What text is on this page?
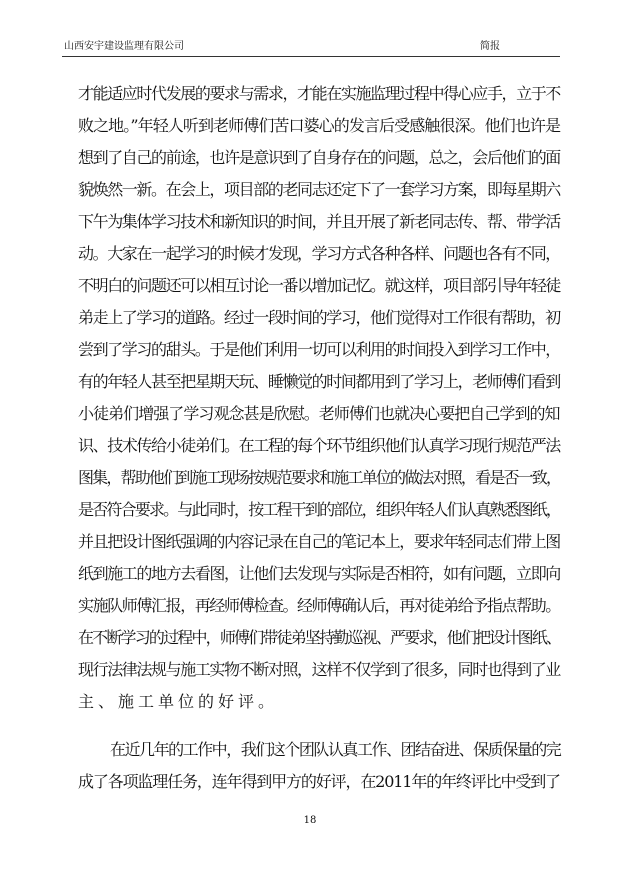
山西安宇建设监理有限公司	简报
才能适应时代发展的要求与需求，才能在实施监理过程中得心应手，立于不
败之地。”年轻人听到老师傅们苦口婆心的发言后受感触很深。他们也许是
想到了自己的前途，也许是意识到了自身存在的问题，总之，会后他们的面
貌焕然一新。在会上，项目部的老同志还定下了一套学习方案，即每星期六
下午为集体学习技术和新知识的时间，并且开展了新老同志传、帮、带学活
动。大家在一起学习的时候才发现，学习方式各种各样、问题也各有不同，
不明白的问题还可以相互讨论一番以增加记忆。就这样，项目部引导年轻徒
弟走上了学习的道路。经过一段时间的学习，他们觉得对工作很有帮助，初
尝到了学习的甜头。于是他们利用一切可以利用的时间投入到学习工作中，
有的年轻人甚至把星期天玩、睡懒觉的时间都用到了学习上，老师傅们看到
小徒弟们增强了学习观念甚是欣慰。老师傅们也就决心要把自己学到的知
识、技术传给小徒弟们。在工程的每个环节组织他们认真学习现行规范严法
图集，帮助他们到施工现场按规范要求和施工单位的做法对照，看是否一致，
是否符合要求。与此同时，按工程干到的部位，组织年轻人们认真熟悉图纸，
并且把设计图纸强调的内容记录在自己的笔记本上，要求年轻同志们带上图
纸到施工的地方去看图，让他们去发现与实际是否相符，如有问题，立即向
实施队师傅汇报，再经师傅检查。经师傅确认后，再对徒弟给予指点帮助。
在不断学习的过程中，师傅们带徒弟坚持勤巡视、严要求，他们把设计图纸、
现行法律法规与施工实物不断对照，这样不仅学到了很多，同时也得到了业
主、施工单位的好评。
在近几年的工作中，我们这个团队认真工作、团结奋进、保质保量的完
成了各项监理任务，连年得到甲方的好评，在2011年的年终评比中受到了
18
